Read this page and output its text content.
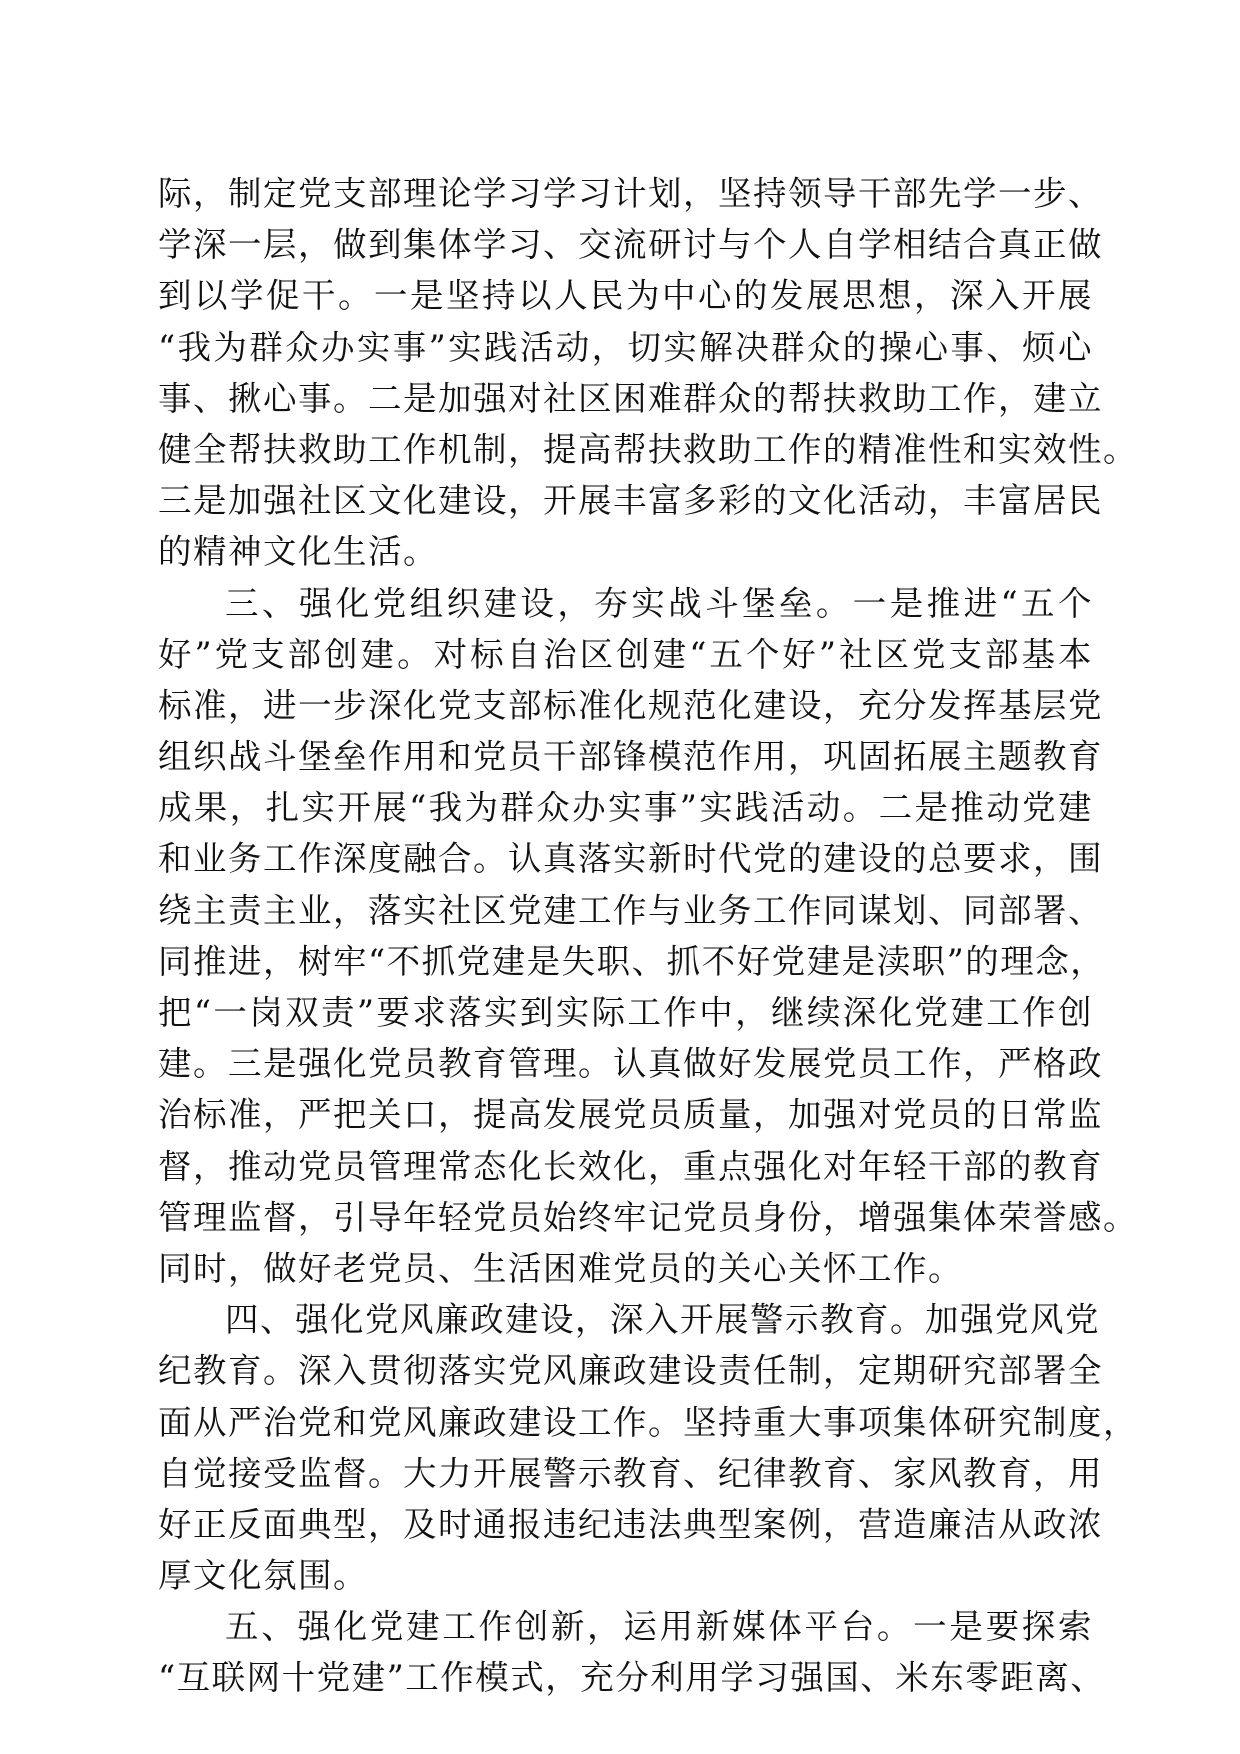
际，制定党支部理论学习学习计划，坚持领导干部先学一步、
学深一层，做到集体学习、交流研讨与个人自学相结合真正做
到以学促干。一是坚持以人民为中心的发展思想，深入开展
“我为群众办实事”实践活动，切实解决群众的操心事、烦心
事、揪心事。二是加强对社区困难群众的帮扶救助工作，建立
健全帮扶救助工作机制，提高帮扶救助工作的精准性和实效性。
三是加强社区文化建设，开展丰富多彩的文化活动，丰富居民
的精神文化生活。
三、强化党组织建设，夯实战斗堡垒。一是推进“五个
好”党支部创建。对标自治区创建“五个好”社区党支部基本
标准，进一步深化党支部标准化规范化建设，充分发挥基层党
组织战斗堡垒作用和党员干部锋模范作用，巩固拓展主题教育
成果，扎实开展“我为群众办实事”实践活动。二是推动党建
和业务工作深度融合。认真落实新时代党的建设的总要求，围
绕主责主业，落实社区党建工作与业务工作同谋划、同部署、
同推进，树牢“不抓党建是失职、抓不好党建是渎职”的理念，
把“一岗双责”要求落实到实际工作中，继续深化党建工作创
建。三是强化党员教育管理。认真做好发展党员工作，严格政
治标准，严把关口，提高发展党员质量，加强对党员的日常监
督，推动党员管理常态化长效化，重点强化对年轻干部的教育
管理监督，引导年轻党员始终牢记党员身份，增强集体荣誉感。
同时，做好老党员、生活困难党员的关心关怀工作。
四、强化党风廉政建设，深入开展警示教育。加强党风党
纪教育。深入贯彻落实党风廉政建设责任制，定期研究部署全
面从严治党和党风廉政建设工作。坚持重大事项集体研究制度，
自觉接受监督。大力开展警示教育、纪律教育、家风教育，用
好正反面典型，及时通报违纪违法典型案例，营造廉洁从政浓
厚文化氛围。
五、强化党建工作创新，运用新媒体平台。一是要探索
“互联网十党建”工作模式，充分利用学习强国、米东零距离、
